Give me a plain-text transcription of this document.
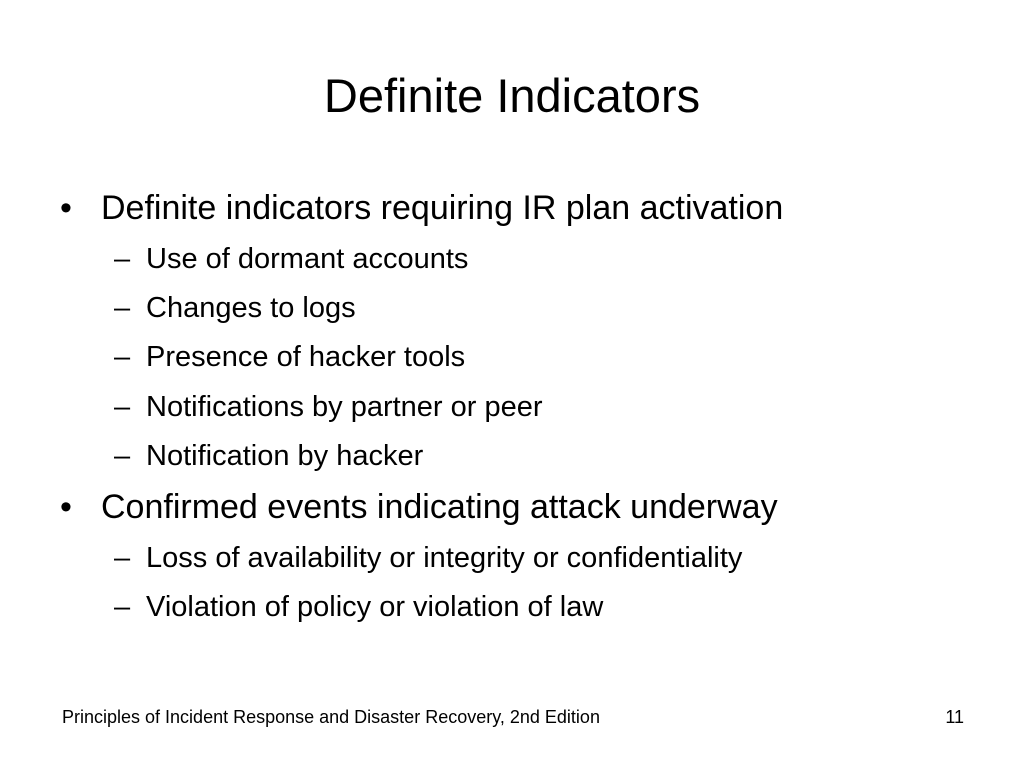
Definite Indicators
• Definite indicators requiring IR plan activation
– Use of dormant accounts
– Changes to logs
– Presence of hacker tools
– Notifications by partner or peer
– Notification by hacker
• Confirmed events indicating attack underway
– Loss of availability or integrity or confidentiality
– Violation of policy or violation of law
Principles of Incident Response and Disaster Recovery, 2nd Edition	11
